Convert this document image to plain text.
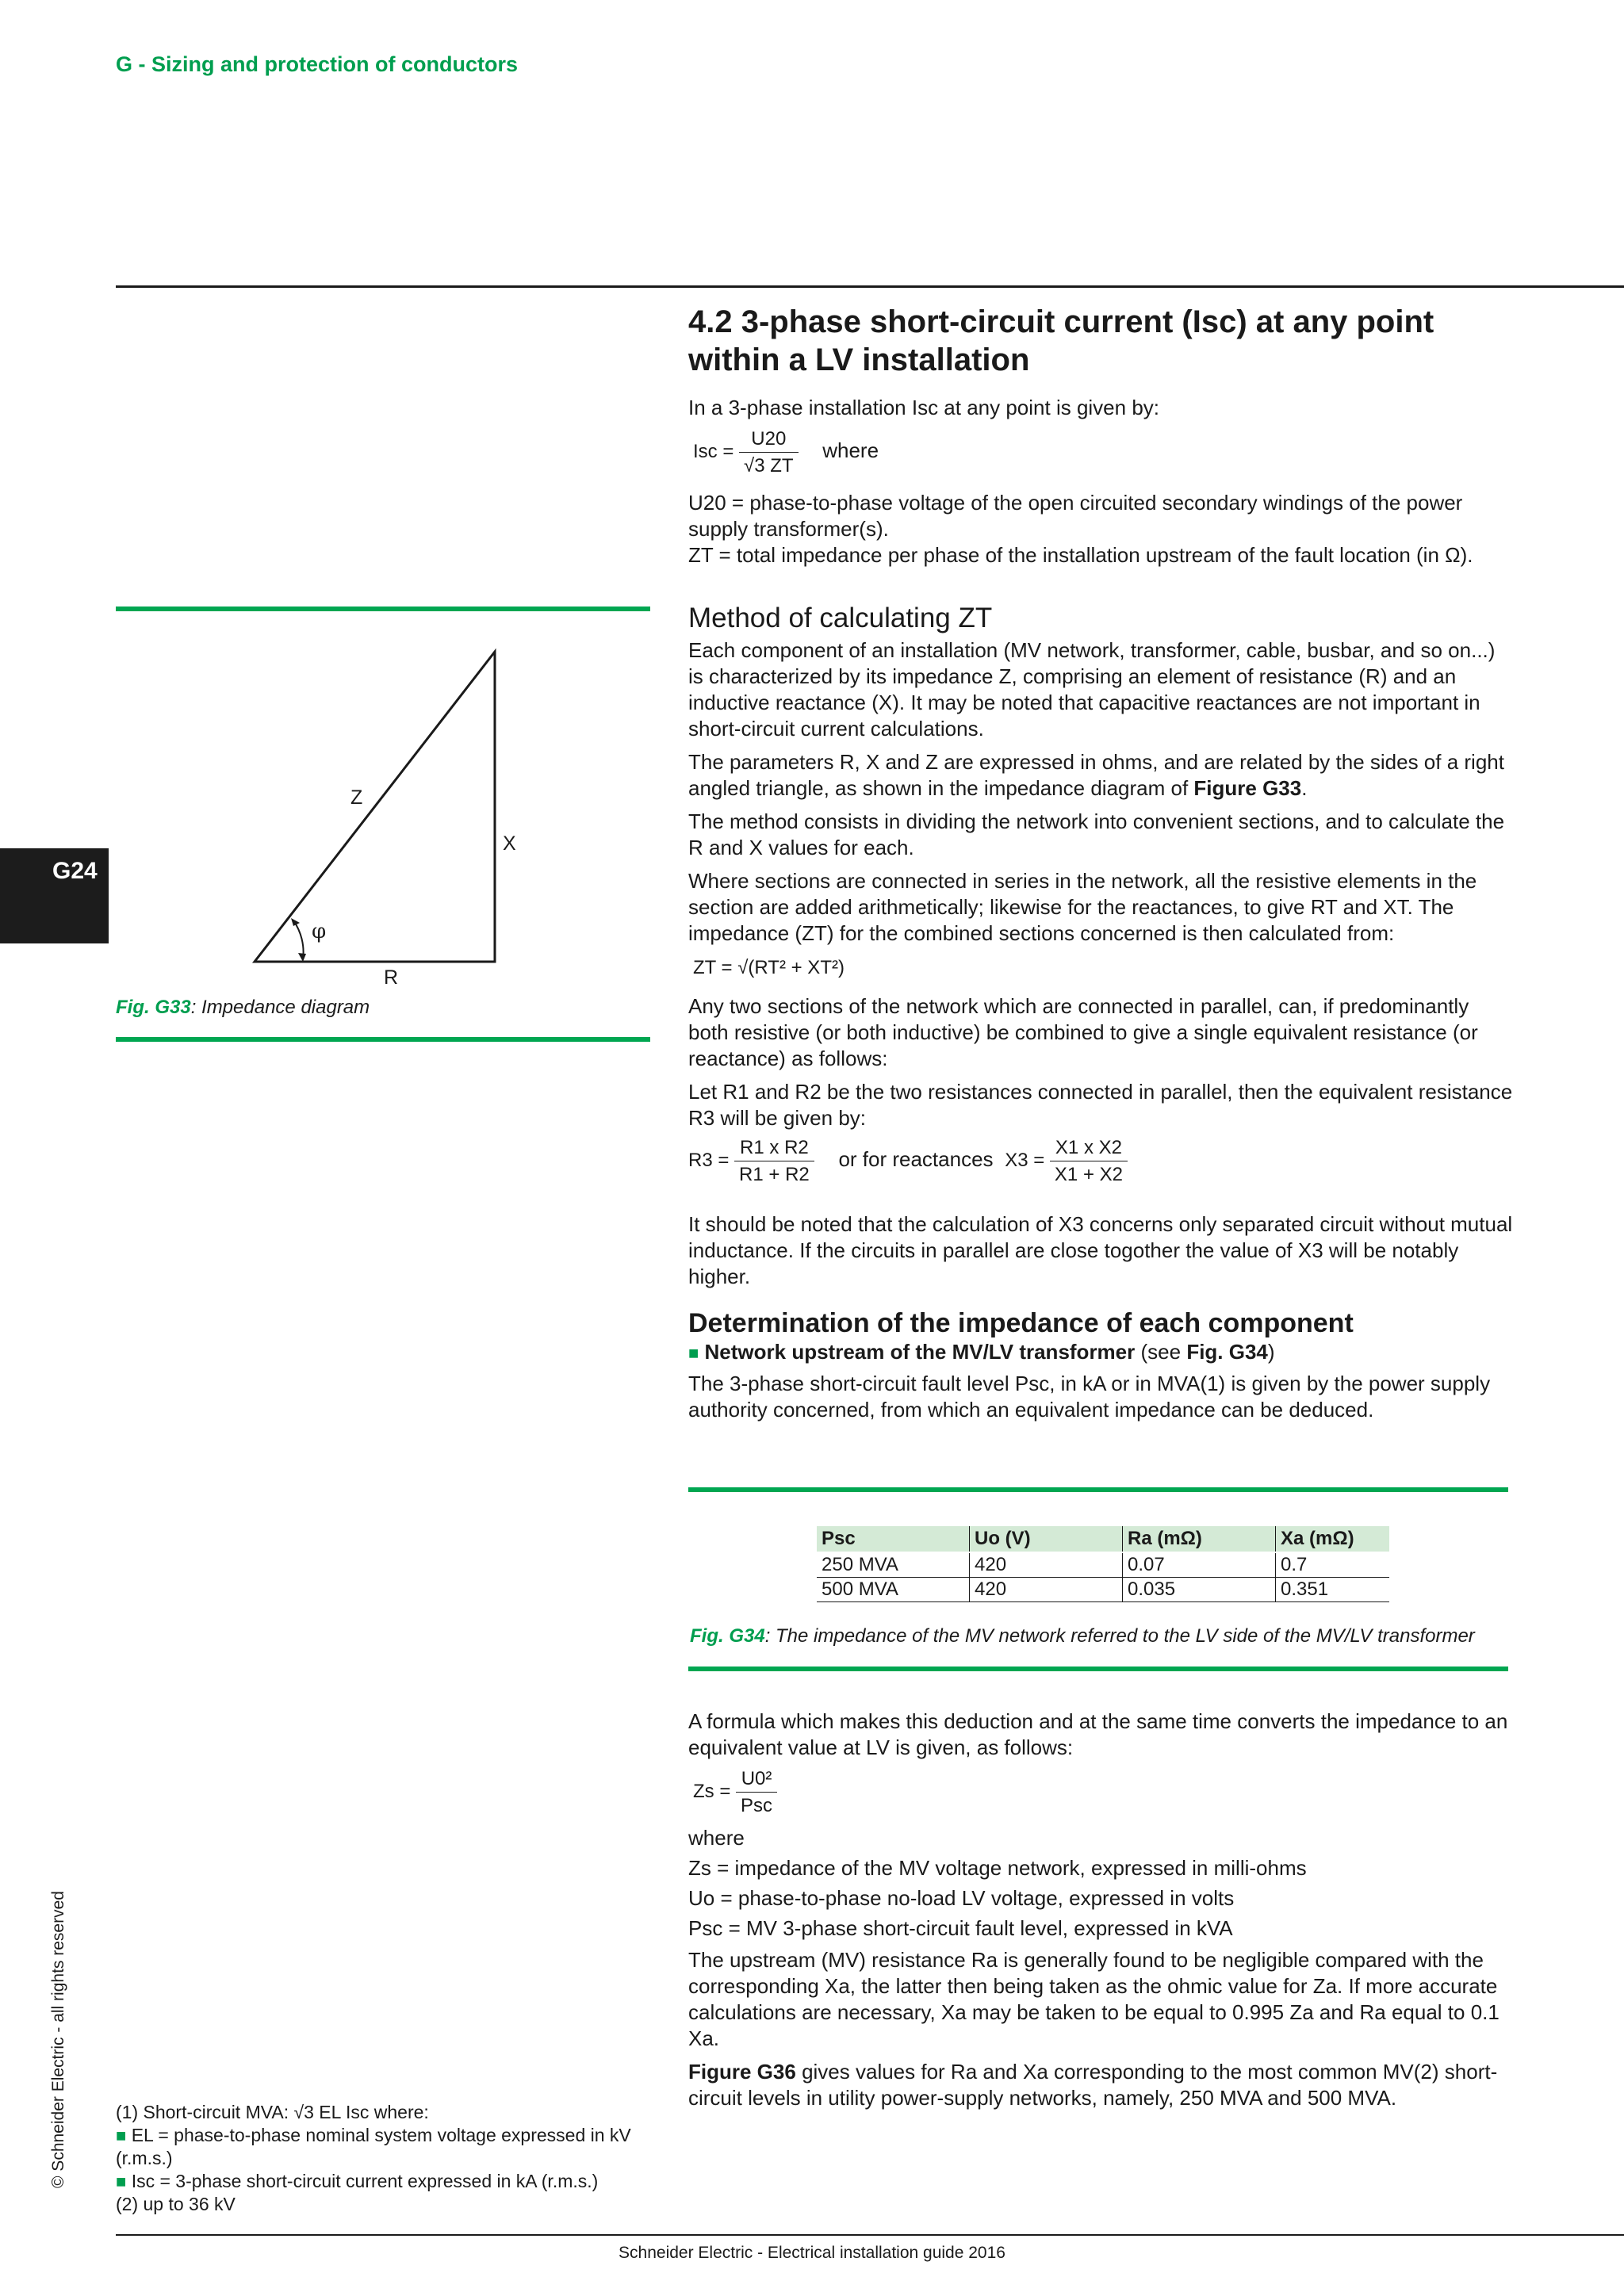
G - Sizing and protection of conductors
G24
© Schneider Electric - all rights reserved
Z
X
R
φ
Fig. G33: Impedance diagram
4.2 3-phase short-circuit current (Isc) at any point within a LV installation

In a 3-phase installation Isc at any point is given by:

Isc = $\frac{U20}{√3 ZT}$ where

U20 = phase-to-phase voltage of the open circuited secondary windings of the power supply transformer(s).

ZT = total impedance per phase of the installation upstream of the fault location (in Ω).

Method of calculating ZT

Each component of an installation (MV network, transformer, cable, busbar, and so on...) is characterized by its impedance Z, comprising an element of resistance (R) and an inductive reactance (X). It may be noted that capacitive reactances are not important in short-circuit current calculations.

The parameters R, X and Z are expressed in ohms, and are related by the sides of a right angled triangle, as shown in the impedance diagram of Figure G33.

The method consists in dividing the network into convenient sections, and to calculate the R and X values for each.

Where sections are connected in series in the network, all the resistive elements in the section are added arithmetically; likewise for the reactances, to give RT and XT. The impedance (ZT) for the combined sections concerned is then calculated from:

ZT = √(RT² + XT²)

Any two sections of the network which are connected in parallel, can, if predominantly both resistive (or both inductive) be combined to give a single equivalent resistance (or reactance) as follows:

Let R1 and R2 be the two resistances connected in parallel, then the equivalent resistance R3 will be given by:

$R3 = \frac{\text{R1 x R2}}{R1 + R2}$ or for reactances $X3 = \frac{\text{X1 x X2}}{X1 + X2}$

It should be noted that the calculation of X3 concerns only separated circuit without mutual inductance. If the circuits in parallel are close togother the value of X3 will be notably higher.

Determination of the impedance of each component

■ Network upstream of the MV/LV transformer (see Fig. G34)

The 3-phase short-circuit fault level Psc, in kA or in MVA(1) is given by the power supply authority concerned, from which an equivalent impedance can be deduced.

Psc	Uo (V)	Ra (mΩ)	Xa (mΩ)
250 MVA	420	0.07	0.7
500 MVA	420	0.035	0.351
Fig. G34: The impedance of the MV network referred to the LV side of the MV/LV transformer

A formula which makes this deduction and at the same time converts the impedance to an equivalent value at LV is given, as follows:

$Zs = \frac{\text{U0²}}{\text{Psc}}$

where

Zs = impedance of the MV voltage network, expressed in milli-ohms

Uo = phase-to-phase no-load LV voltage, expressed in volts

Psc = MV 3-phase short-circuit fault level, expressed in kVA

The upstream (MV) resistance Ra is generally found to be negligible compared with the corresponding Xa, the latter then being taken as the ohmic value for Za. If more accurate calculations are necessary, Xa may be taken to be equal to 0.995 Za and Ra equal to 0.1 Xa.

Figure G36 gives values for Ra and Xa corresponding to the most common MV(2) short-circuit levels in utility power-supply networks, namely, 250 MVA and 500 MVA.

(1) Short-circuit MVA: √3 EL Isc where:

■ EL = phase-to-phase nominal system voltage expressed in kV (r.m.s.)

■ Isc = 3-phase short-circuit current expressed in kA (r.m.s.)

(2) up to 36 kV

Schneider Electric - Electrical installation guide 2016
